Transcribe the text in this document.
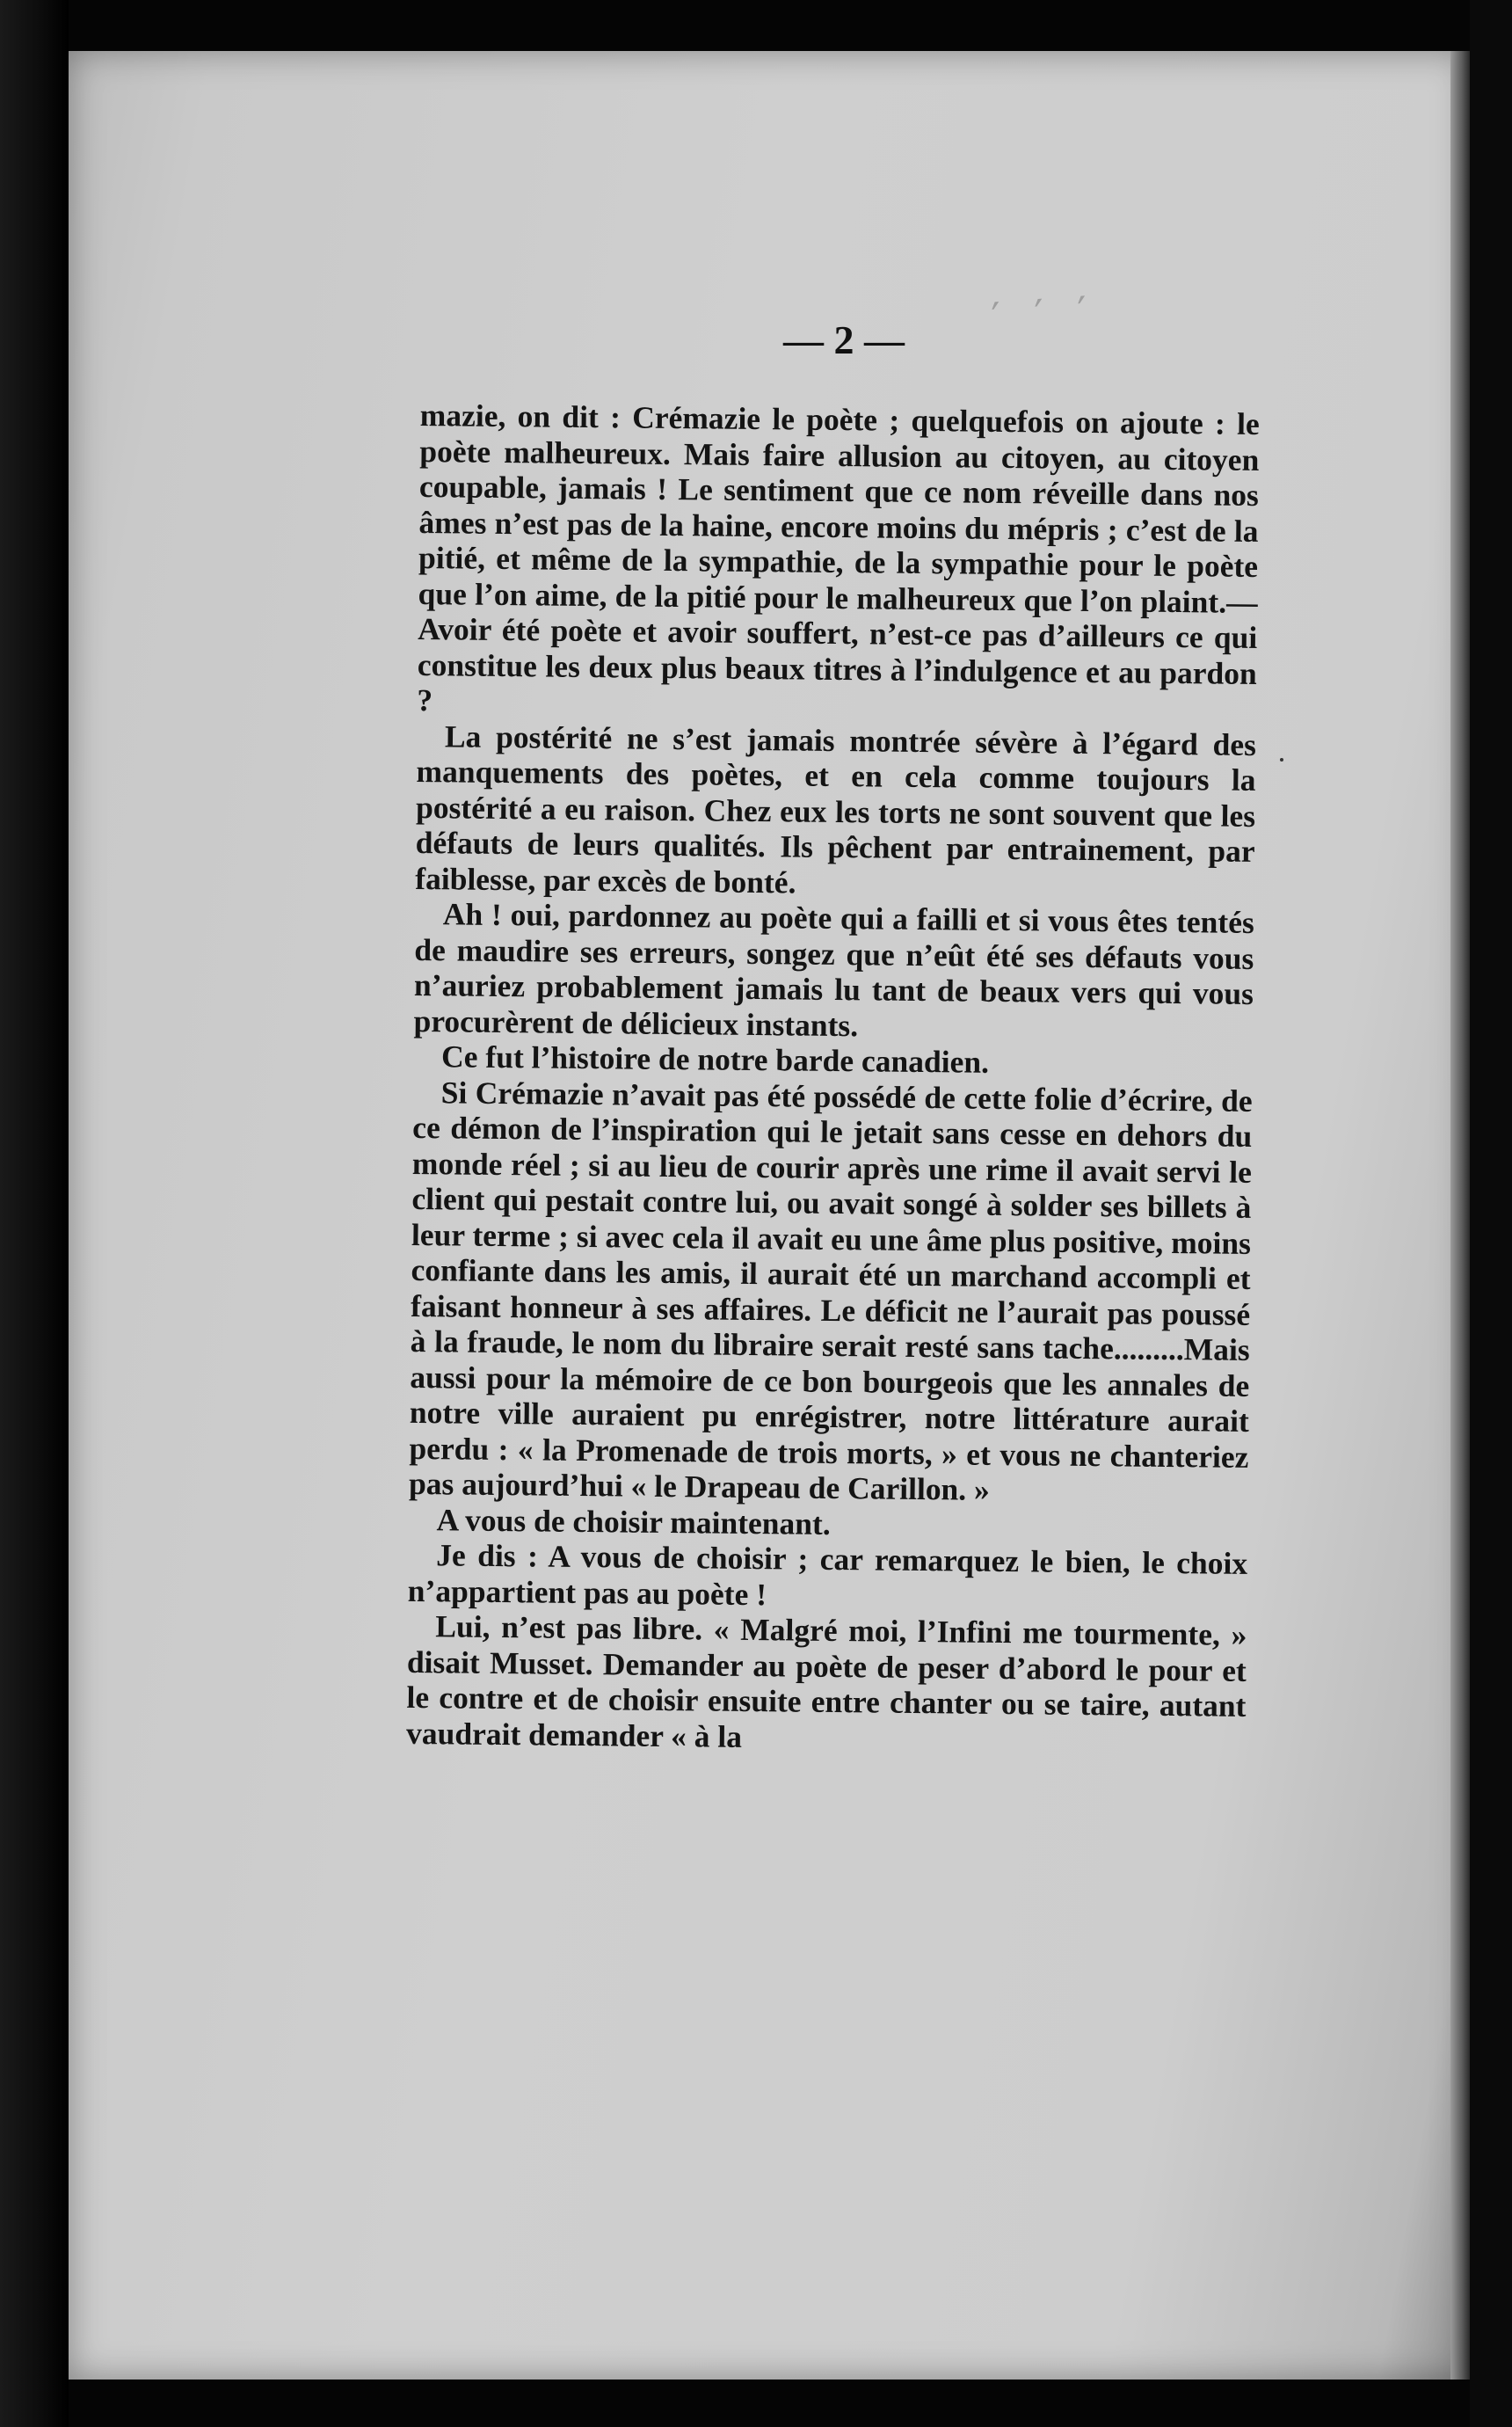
′ ′ ′
— 2 —

mazie, on dit : Crémazie le poète ; quelquefois on ajoute : le poète malheureux. Mais faire allusion au citoyen, au citoyen coupable, jamais ! Le sentiment que ce nom réveille dans nos âmes n’est pas de la haine, encore moins du mépris ; c’est de la pitié, et même de la sympathie, de la sympathie pour le poète que l’on aime, de la pitié pour le malheureux que l’on plaint.— Avoir été poète et avoir souffert, n’est-ce pas d’ailleurs ce qui constitue les deux plus beaux titres à l’indulgence et au pardon ?

La postérité ne s’est jamais montrée sévère à l’égard des manquements des poètes, et en cela comme toujours la postérité a eu raison. Chez eux les torts ne sont souvent que les défauts de leurs qualités. Ils pêchent par entrainement, par faiblesse, par excès de bonté.

Ah ! oui, pardonnez au poète qui a failli et si vous êtes tentés de maudire ses erreurs, songez que n’eût été ses défauts vous n’auriez probablement jamais lu tant de beaux vers qui vous procurèrent de délicieux instants.

Ce fut l’histoire de notre barde canadien.

Si Crémazie n’avait pas été possédé de cette folie d’écrire, de ce démon de l’inspiration qui le jetait sans cesse en dehors du monde réel ; si au lieu de courir après une rime il avait servi le client qui pestait contre lui, ou avait songé à solder ses billets à leur terme ; si avec cela il avait eu une âme plus positive, moins confiante dans les amis, il aurait été un marchand accompli et faisant honneur à ses affaires. Le déficit ne l’aurait pas poussé à la fraude, le nom du libraire serait resté sans tache.........Mais aussi pour la mémoire de ce bon bourgeois que les annales de notre ville auraient pu enrégistrer, notre littérature aurait perdu : « la Promenade de trois morts, » et vous ne chanteriez pas aujourd’hui « le Drapeau de Carillon. »

A vous de choisir maintenant.

Je dis : A vous de choisir ; car remarquez le bien, le choix n’appartient pas au poète !

Lui, n’est pas libre. « Malgré moi, l’Infini me tourmente, » disait Musset. Demander au poète de peser d’abord le pour et le contre et de choisir ensuite entre chanter ou se taire, autant vaudrait demander « à la
